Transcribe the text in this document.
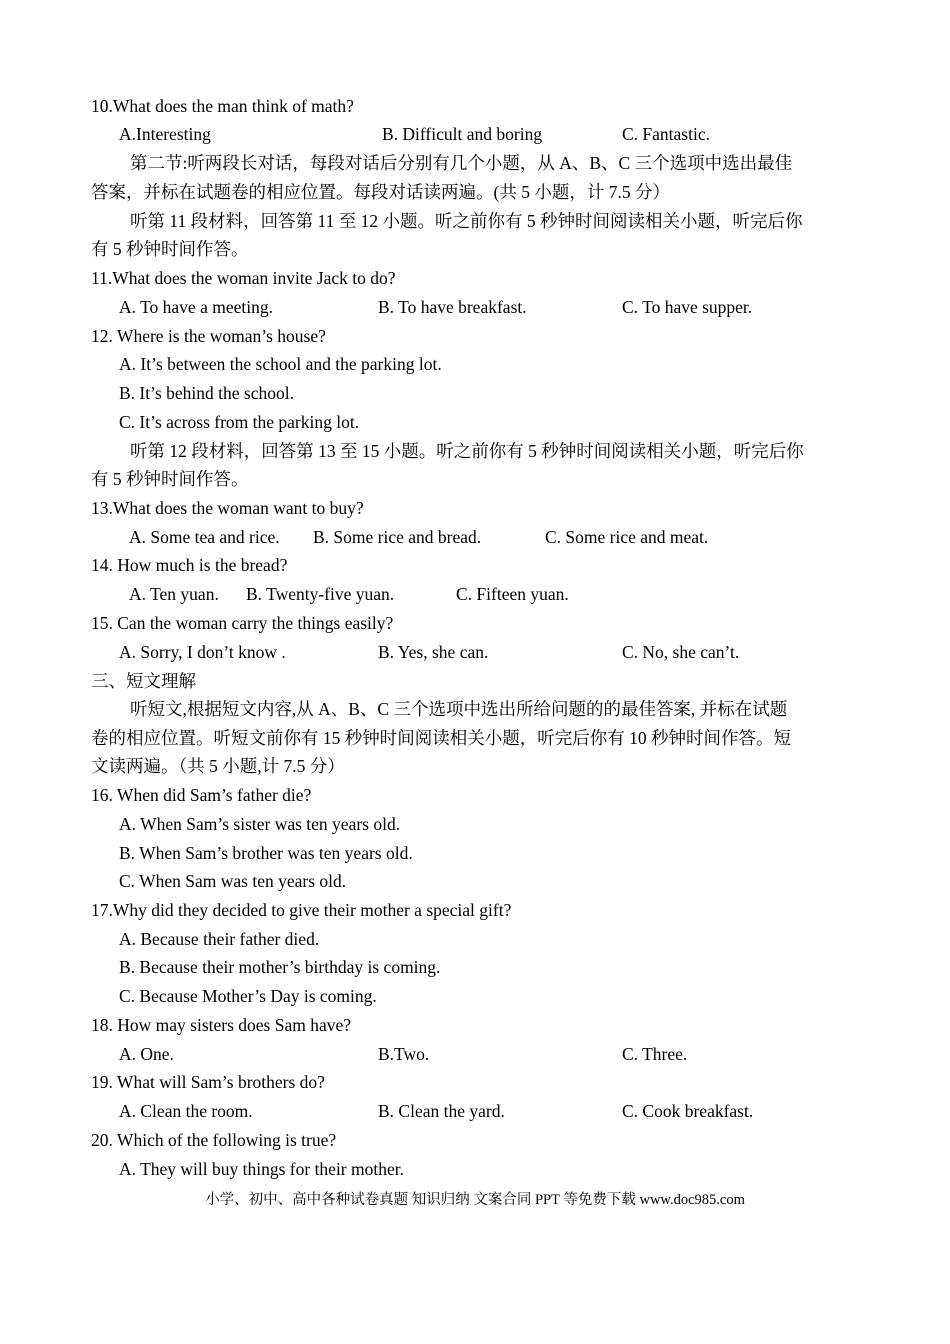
10.What does the man think of math?
A.Interesting	B. Difficult and boring	C. Fantastic.
第二节:听两段长对话，每段对话后分别有几个小题，从 A、B、C 三个选项中选出最佳
答案，并标在试题卷的相应位置。每段对话读两遍。(共 5 小题，计 7.5 分）
听第 11 段材料，回答第 11 至 12 小题。听之前你有 5 秒钟时间阅读相关小题，听完后你
有 5 秒钟时间作答。
11.What does the woman invite Jack to do?
A. To have a meeting.	B. To have breakfast.	C. To have supper.
12. Where is the woman’s house?
A. It’s between the school and the parking lot.
B. It’s behind the school.
C. It’s across from the parking lot.
听第 12 段材料，回答第 13 至 15 小题。听之前你有 5 秒钟时间阅读相关小题，听完后你
有 5 秒钟时间作答。
13.What does the woman want to buy?
A. Some tea and rice. B. Some rice and bread.	C. Some rice and meat.
14. How much is the bread?
A. Ten yuan. B. Twenty-five yuan.	C. Fifteen yuan.
15. Can the woman carry the things easily?
A. Sorry, I don’t know .	B. Yes, she can.	C. No, she can’t.
三、短文理解
听短文,根据短文内容,从 A、B、C 三个选项中选出所给问题的的最佳答案, 并标在试题
卷的相应位置。听短文前你有 15 秒钟时间阅读相关小题，听完后你有 10 秒钟时间作答。短
文读两遍。（共 5 小题,计 7.5 分）
16. When did Sam’s father die?
A. When Sam’s sister was ten years old.
B. When Sam’s brother was ten years old.
C. When Sam was ten years old.
17.Why did they decided to give their mother a special gift?
A. Because their father died.
B. Because their mother’s birthday is coming.
C. Because Mother’s Day is coming.
18. How may sisters does Sam have?
A. One.	B.Two.	C. Three.
19. What will Sam’s brothers do?
A. Clean the room.	B. Clean the yard.	C. Cook breakfast.
20. Which of the following is true?
A. They will buy things for their mother.
小学、初中、高中各种试卷真题 知识归纳 文案合同 PPT 等免费下载 www.doc985.com
